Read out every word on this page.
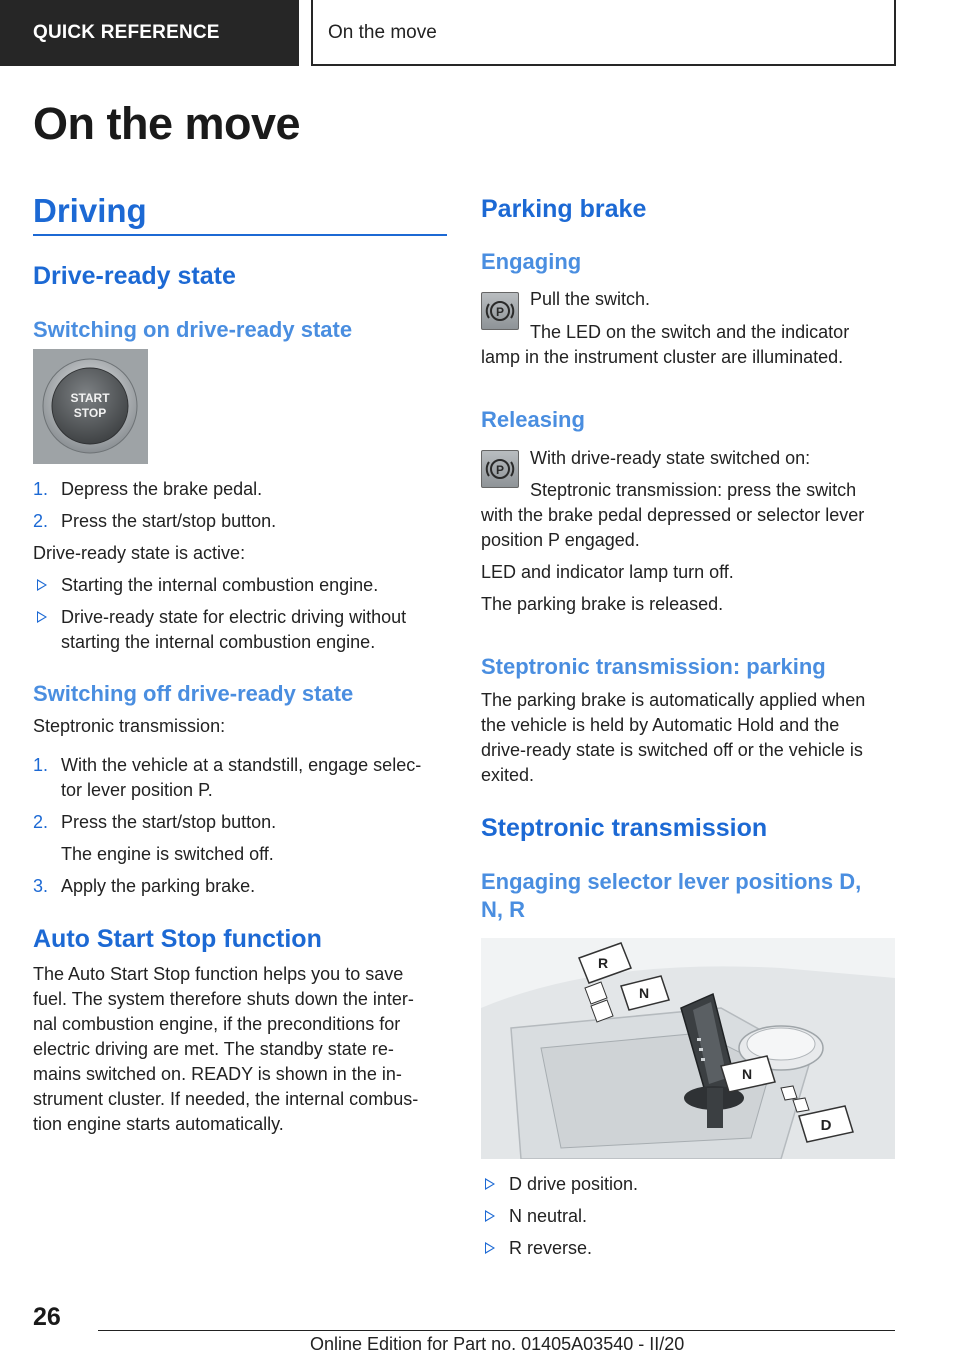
QUICK REFERENCE	On the move
On the move
Driving
Drive-ready state
Switching on drive-ready state
START
STOP
1. Depress the brake pedal.
2. Press the start/stop button.
Drive-ready state is active:
Starting the internal combustion engine.
Drive-ready state for electric driving without
starting the internal combustion engine.
Switching off drive-ready state
Steptronic transmission:
1. With the vehicle at a standstill, engage selec-
tor lever position P.
2. Press the start/stop button.
The engine is switched off.
3. Apply the parking brake.
Auto Start Stop function
The Auto Start Stop function helps you to save
fuel. The system therefore shuts down the inter-
nal combustion engine, if the preconditions for
electric driving are met. The standby state re-
mains switched on. READY is shown in the in-
strument cluster. If needed, the internal combus-
tion engine starts automatically.
Parking brake
Engaging
P
Pull the switch.
The LED on the switch and the indicator
lamp in the instrument cluster are illuminated.
Releasing
P
With drive-ready state switched on:
Steptronic transmission: press the switch
with the brake pedal depressed or selector lever
position P engaged.
LED and indicator lamp turn off.
The parking brake is released.
Steptronic transmission: parking
The parking brake is automatically applied when
the vehicle is held by Automatic Hold and the
drive-ready state is switched off or the vehicle is
exited.
Steptronic transmission
Engaging selector lever positions D,
N, R
R
N
N
D
D drive position.
N neutral.
R reverse.
26
Online Edition for Part no. 01405A03540 - II/20
